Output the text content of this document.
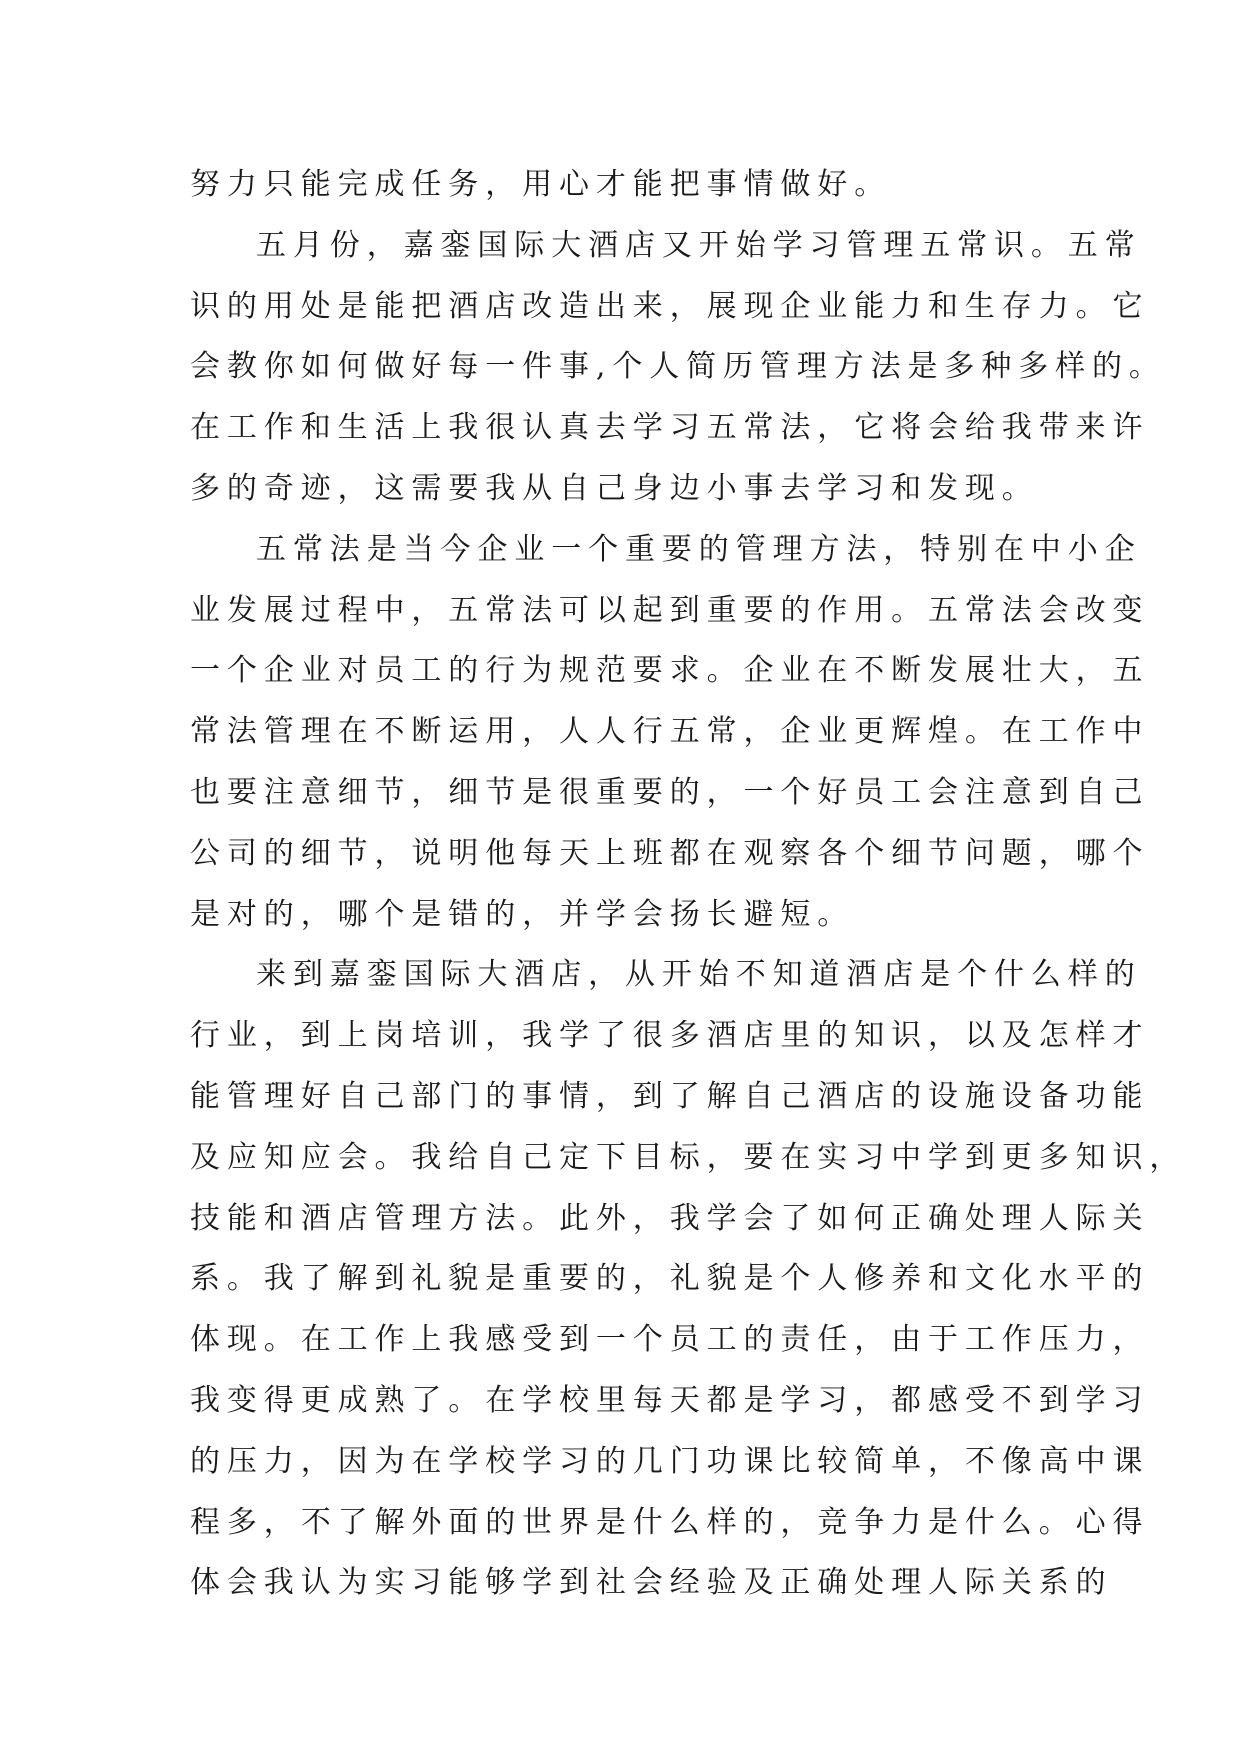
努力只能完成任务，用心才能把事情做好。
五月份，嘉銮国际大酒店又开始学习管理五常识。五常
识的用处是能把酒店改造出来，展现企业能力和生存力。它
会教你如何做好每一件事,个人简历管理方法是多种多样的。
在工作和生活上我很认真去学习五常法，它将会给我带来许
多的奇迹，这需要我从自己身边小事去学习和发现。
五常法是当今企业一个重要的管理方法，特别在中小企
业发展过程中，五常法可以起到重要的作用。五常法会改变
一个企业对员工的行为规范要求。企业在不断发展壮大，五
常法管理在不断运用，人人行五常，企业更辉煌。在工作中
也要注意细节，细节是很重要的，一个好员工会注意到自己
公司的细节，说明他每天上班都在观察各个细节问题，哪个
是对的，哪个是错的，并学会扬长避短。
来到嘉銮国际大酒店，从开始不知道酒店是个什么样的
行业，到上岗培训，我学了很多酒店里的知识，以及怎样才
能管理好自己部门的事情，到了解自己酒店的设施设备功能
及应知应会。我给自己定下目标，要在实习中学到更多知识，
技能和酒店管理方法。此外，我学会了如何正确处理人际关
系。我了解到礼貌是重要的，礼貌是个人修养和文化水平的
体现。在工作上我感受到一个员工的责任，由于工作压力，
我变得更成熟了。在学校里每天都是学习，都感受不到学习
的压力，因为在学校学习的几门功课比较简单，不像高中课
程多，不了解外面的世界是什么样的，竞争力是什么。心得
体会我认为实习能够学到社会经验及正确处理人际关系的
